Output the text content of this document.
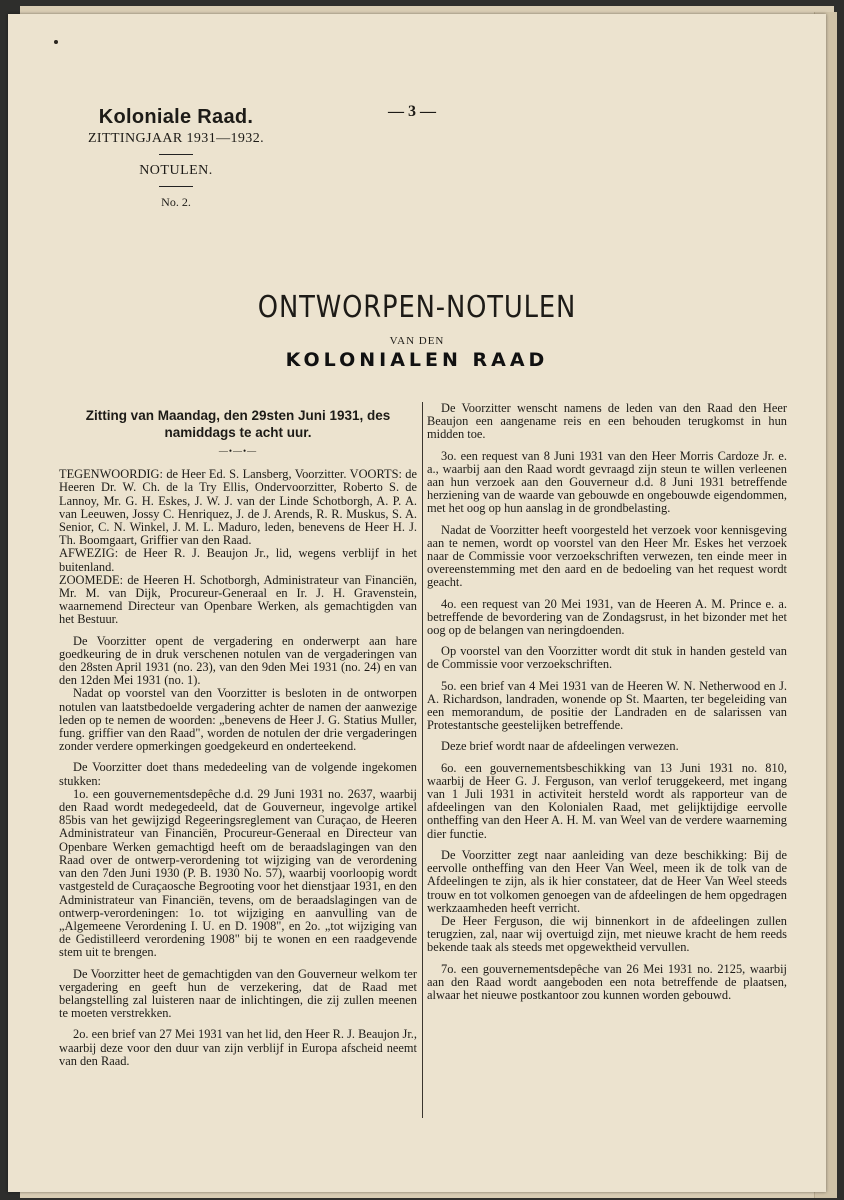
Koloniale Raad.
ZITTINGJAAR 1931—1932.
NOTULEN.
No. 2.
— 3 —
ONTWORPEN-NOTULEN
VAN DEN
KOLONIALEN RAAD
Zitting van Maandag, den 29sten Juni 1931, des namiddags te acht uur.
—•—•—

TEGENWOORDIG: de Heer Ed. S. Lansberg, Voorzitter. VOORTS: de Heeren Dr. W. Ch. de la Try Ellis, Ondervoorzitter, Roberto S. de Lannoy, Mr. G. H. Eskes, J. W. J. van der Linde Schotborgh, A. P. A. van Leeuwen, Jossy C. Henriquez, J. de J. Arends, R. R. Muskus, S. A. Senior, C. N. Winkel, J. M. L. Maduro, leden, benevens de Heer H. J. Th. Boomgaart, Griffier van den Raad.

AFWEZIG: de Heer R. J. Beaujon Jr., lid, wegens verblijf in het buitenland.

ZOOMEDE: de Heeren H. Schotborgh, Administrateur van Financiën, Mr. M. van Dijk, Procureur-Generaal en Ir. J. H. Gravenstein, waarnemend Directeur van Openbare Werken, als gemachtigden van het Bestuur.

De Voorzitter opent de vergadering en onderwerpt aan hare goedkeuring de in druk verschenen notulen van de vergaderingen van den 28sten April 1931 (no. 23), van den 9den Mei 1931 (no. 24) en van den 12den Mei 1931 (no. 1).

Nadat op voorstel van den Voorzitter is besloten in de ontworpen notulen van laatstbedoelde vergadering achter de namen der aanwezige leden op te nemen de woorden: „benevens de Heer J. G. Statius Muller, fung. griffier van den Raad", worden de notulen der drie vergaderingen zonder verdere opmerkingen goedgekeurd en onderteekend.

De Voorzitter doet thans mededeeling van de volgende ingekomen stukken:

1o. een gouvernementsdepêche d.d. 29 Juni 1931 no. 2637, waarbij den Raad wordt medegedeeld, dat de Gouverneur, ingevolge artikel 85bis van het gewijzigd Regeeringsreglement van Curaçao, de Heeren Administrateur van Financiën, Procureur-Generaal en Directeur van Openbare Werken gemachtigd heeft om de beraadslagingen van den Raad over de ontwerp-verordening tot wijziging van de verordening van den 7den Juni 1930 (P. B. 1930 No. 57), waarbij voorloopig wordt vastgesteld de Curaçaosche Begrooting voor het dienstjaar 1931, en den Administrateur van Financiën, tevens, om de beraadslagingen van de ontwerp-verordeningen: 1o. tot wijziging en aanvulling van de „Algemeene Verordening I. U. en D. 1908", en 2o. „tot wijziging van de Gedistilleerd verordening 1908" bij te wonen en een raadgevende stem uit te brengen.

De Voorzitter heet de gemachtigden van den Gouverneur welkom ter vergadering en geeft hun de verzekering, dat de Raad met belangstelling zal luisteren naar de inlichtingen, die zij zullen meenen te moeten verstrekken.

2o. een brief van 27 Mei 1931 van het lid, den Heer R. J. Beaujon Jr., waarbij deze voor den duur van zijn verblijf in Europa afscheid neemt van den Raad.

De Voorzitter wenscht namens de leden van den Raad den Heer Beaujon een aangename reis en een behouden terugkomst in hun midden toe.

3o. een request van 8 Juni 1931 van den Heer Morris Cardoze Jr. e. a., waarbij aan den Raad wordt gevraagd zijn steun te willen verleenen aan hun verzoek aan den Gouverneur d.d. 8 Juni 1931 betreffende herziening van de waarde van gebouwde en ongebouwde eigendommen, met het oog op hun aanslag in de grondbelasting.

Nadat de Voorzitter heeft voorgesteld het verzoek voor kennisgeving aan te nemen, wordt op voorstel van den Heer Mr. Eskes het verzoek naar de Commissie voor verzoekschriften verwezen, ten einde meer in overeenstemming met den aard en de bedoeling van het request wordt geacht.

4o. een request van 20 Mei 1931, van de Heeren A. M. Prince e. a. betreffende de bevordering van de Zondagsrust, in het bizonder met het oog op de belangen van neringdoenden.

Op voorstel van den Voorzitter wordt dit stuk in handen gesteld van de Commissie voor verzoekschriften.

5o. een brief van 4 Mei 1931 van de Heeren W. N. Netherwood en J. A. Richardson, landraden, wonende op St. Maarten, ter begeleiding van een memorandum, de positie der Landraden en de salarissen van Protestantsche geestelijken betreffende.

Deze brief wordt naar de afdeelingen verwezen.

6o. een gouvernementsbeschikking van 13 Juni 1931 no. 810, waarbij de Heer G. J. Ferguson, van verlof teruggekeerd, met ingang van 1 Juli 1931 in activiteit hersteld wordt als rapporteur van de afdeelingen van den Kolonialen Raad, met gelijktijdige eervolle ontheffing van den Heer A. H. M. van Weel van de verdere waarneming dier functie.

De Voorzitter zegt naar aanleiding van deze beschikking: Bij de eervolle ontheffing van den Heer Van Weel, meen ik de tolk van de Afdeelingen te zijn, als ik hier constateer, dat de Heer Van Weel steeds trouw en tot volkomen genoegen van de afdeelingen de hem opgedragen werkzaamheden heeft verricht.

De Heer Ferguson, die wij binnenkort in de afdeelingen zullen terugzien, zal, naar wij overtuigd zijn, met nieuwe kracht de hem reeds bekende taak als steeds met opgewektheid vervullen.

7o. een gouvernementsdepêche van 26 Mei 1931 no. 2125, waarbij aan den Raad wordt aangeboden een nota betreffende de plaatsen, alwaar het nieuwe postkantoor zou kunnen worden gebouwd.
